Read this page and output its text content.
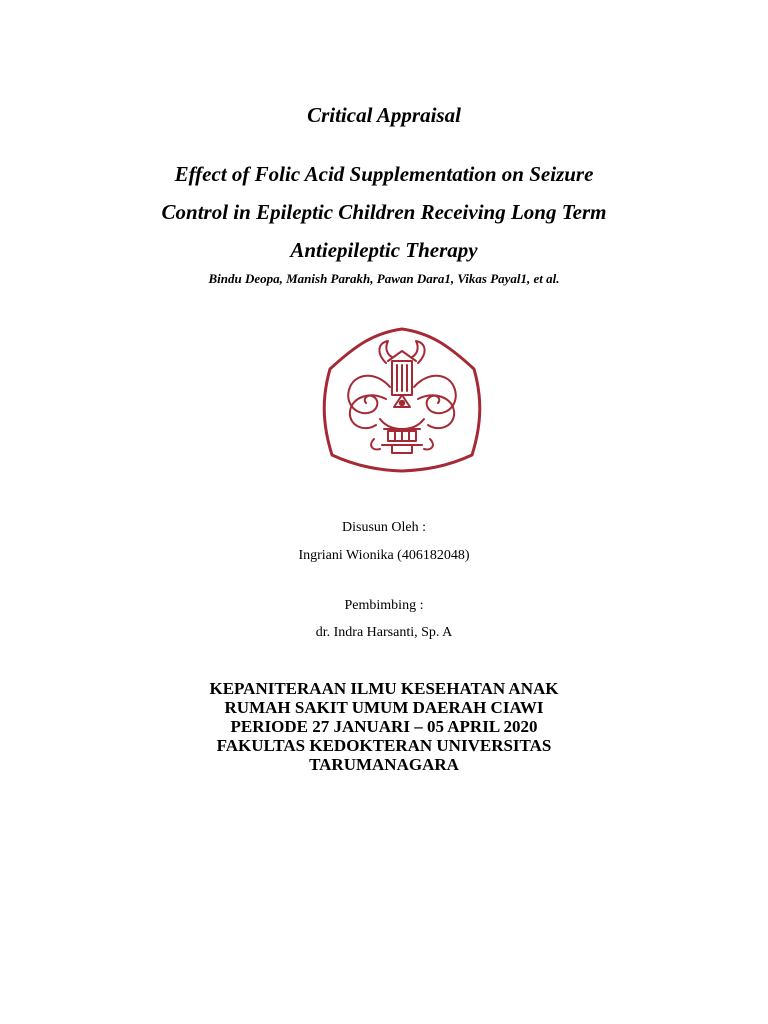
Critical Appraisal
Effect of Folic Acid Supplementation on Seizure
Control in Epileptic Children Receiving Long Term
Antiepileptic Therapy
Bindu Deopa, Manish Parakh, Pawan Dara1, Vikas Payal1, et al.
Disusun Oleh :
Ingriani Wionika (406182048)
Pembimbing :
dr. Indra Harsanti, Sp. A
KEPANITERAAN ILMU KESEHATAN ANAK
RUMAH SAKIT UMUM DAERAH CIAWI
PERIODE 27 JANUARI – 05 APRIL 2020
FAKULTAS KEDOKTERAN UNIVERSITAS
TARUMANAGARA
